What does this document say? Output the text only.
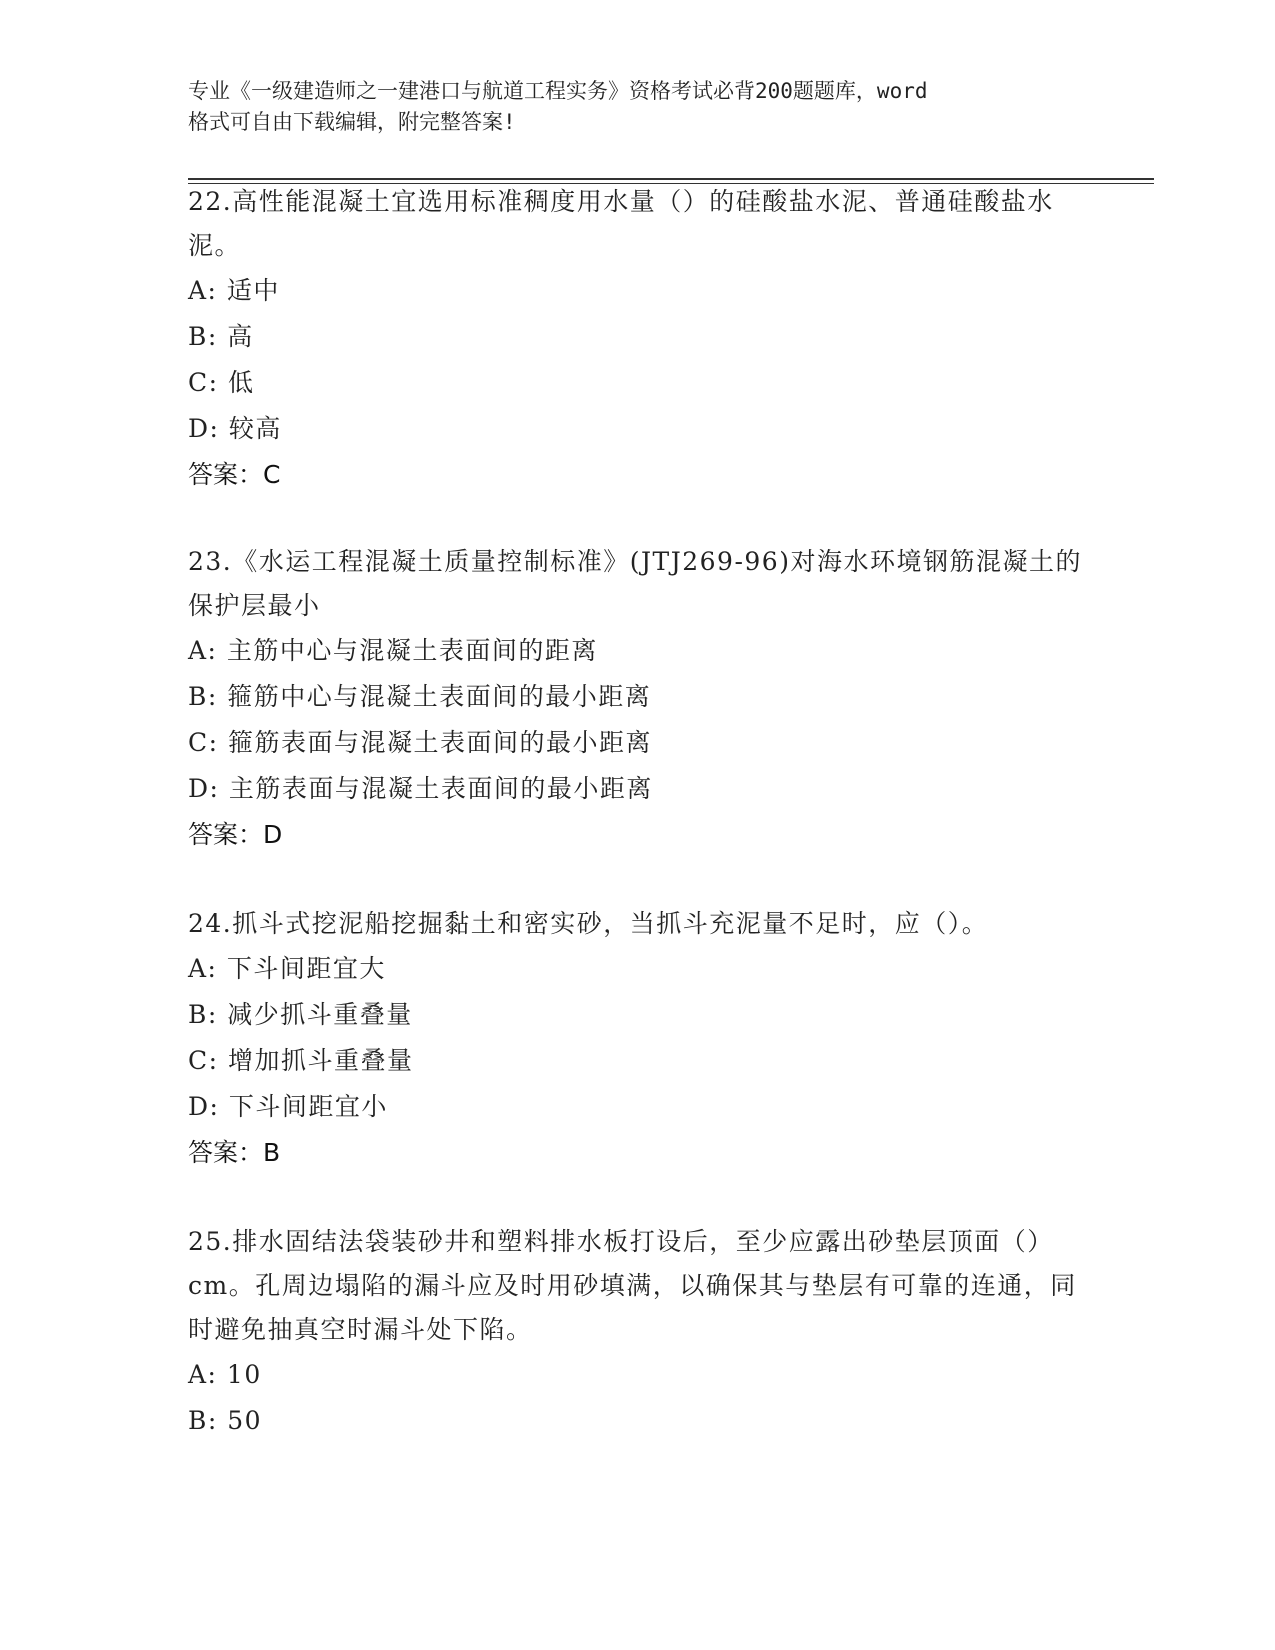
专业《一级建造师之一建港口与航道工程实务》资格考试必背200题题库，word
格式可自由下载编辑，附完整答案!

22.高性能混凝土宜选用标准稠度用水量（）的硅酸盐水泥、普通硅酸盐水泥。

A: 适中

B: 高

C: 低

D: 较高

答案：C

23.《水运工程混凝土质量控制标准》(JTJ269-96)对海水环境钢筋混凝土的保护层最小

A: 主筋中心与混凝土表面间的距离

B: 箍筋中心与混凝土表面间的最小距离

C: 箍筋表面与混凝土表面间的最小距离

D: 主筋表面与混凝土表面间的最小距离

答案：D

24.抓斗式挖泥船挖掘黏土和密实砂，当抓斗充泥量不足时，应（）。

A: 下斗间距宜大

B: 减少抓斗重叠量

C: 增加抓斗重叠量

D: 下斗间距宜小

答案：B

25.排水固结法袋装砂井和塑料排水板打设后，至少应露出砂垫层顶面（）cm。孔周边塌陷的漏斗应及时用砂填满，以确保其与垫层有可靠的连通，同时避免抽真空时漏斗处下陷。

A: 10

B: 50
